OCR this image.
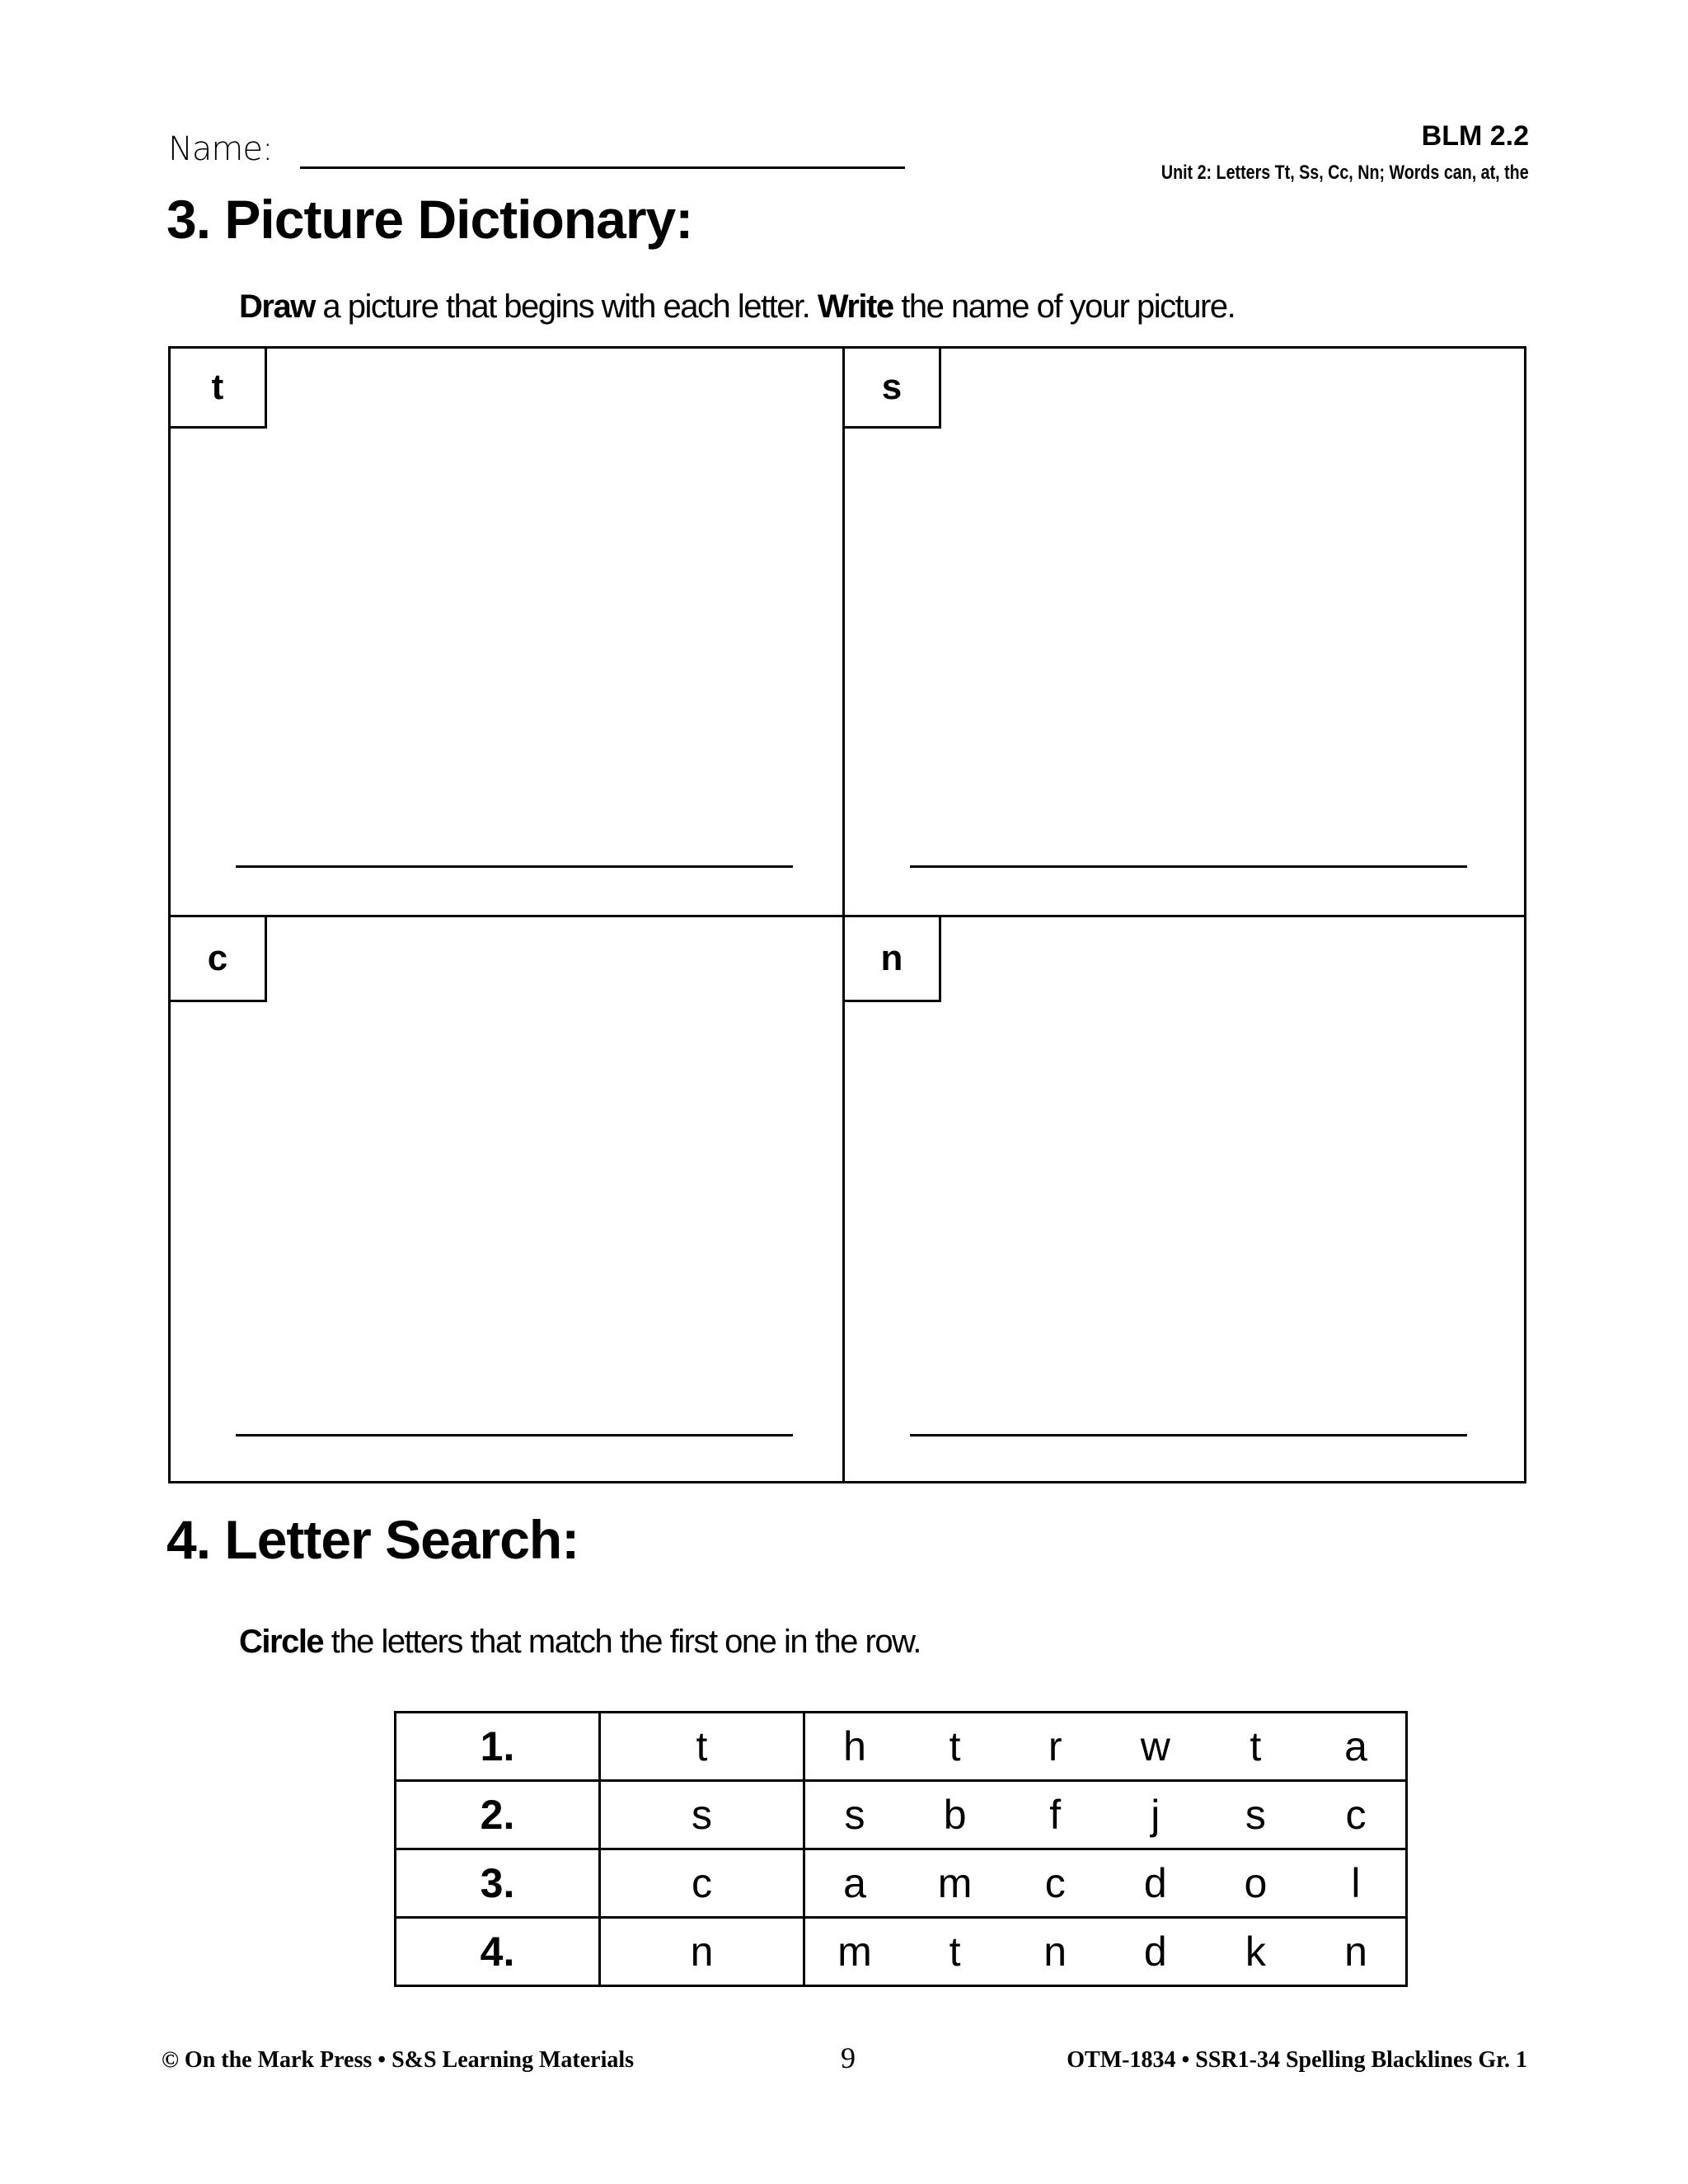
Name:	BLM 2.2
Unit 2: Letters Tt, Ss, Cc, Nn; Words can, at, the
3. Picture Dictionary:
Draw a picture that begins with each letter. Write the name of your picture.
t	s
c	n
4. Letter Search:
Circle the letters that match the first one in the row.
1.	t	h	t	r	w	t	a

2.	s	s	b	f	j	s	c

3.	c	a	m	c	d	o	l

4.	n	m	t	n	d	k	n
© On the Mark Press • S&S Learning Materials	9	OTM-1834 • SSR1-34 Spelling Blacklines Gr. 1
